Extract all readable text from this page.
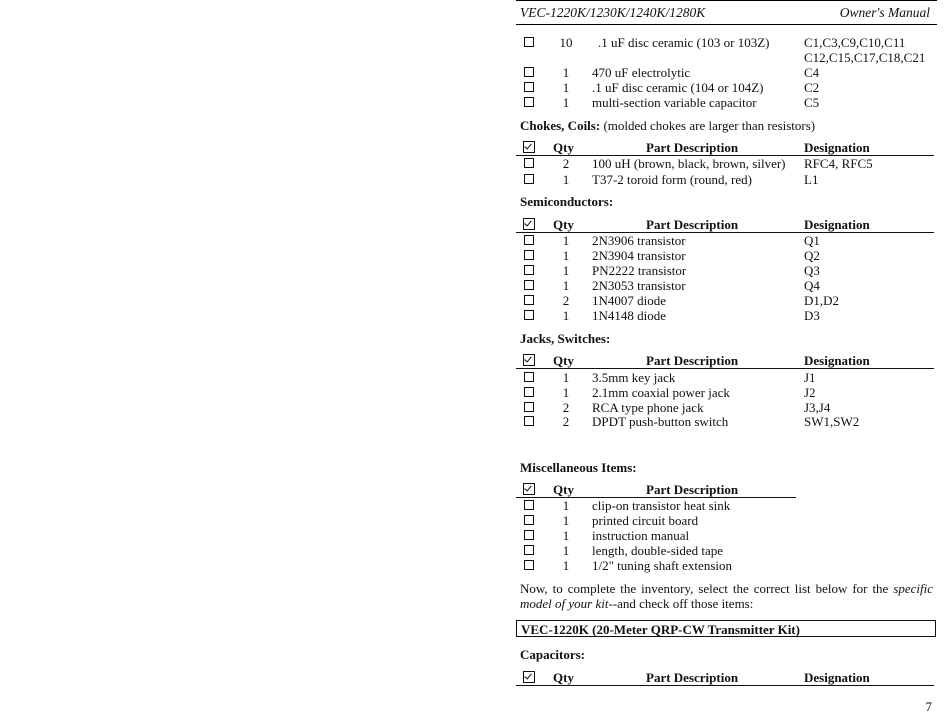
VEC-1220K/1230K/1240K/1280K	Owner's Manual
10 .1 uF disc ceramic (103 or 103Z)	C1,C3,C9,C10,C11
C12,C15,C17,C18,C21
1	470 uF electrolytic	C4
1	.1 uF disc ceramic (104 or 104Z)	C2
1	multi-section variable capacitor	C5
Chokes, Coils: (molded chokes are larger than resistors)
Qty	Part Description	Designation
2	100 uH (brown, black, brown, silver) RFC4, RFC5
1	T37-2 toroid form (round, red)	L1
Semiconductors:
Qty	Part Description	Designation
1	2N3906 transistor	Q1
1	2N3904 transistor	Q2
1	PN2222 transistor	Q3
1	2N3053 transistor	Q4
2	1N4007 diode	D1,D2
1	1N4148 diode	D3
Jacks, Switches:
Qty	Part Description	Designation
1	3.5mm key jack	J1
1	2.1mm coaxial power jack	J2
2	RCA type phone jack	J3,J4
2	DPDT push-button switch	SW1,SW2
Miscellaneous Items:
Qty	Part Description
1	clip-on transistor heat sink
1	printed circuit board
1	instruction manual
1	length, double-sided tape
1	1/2" tuning shaft extension
Now, to complete the inventory, select the correct list below for the specific model of your kit--and check off those items:
VEC-1220K (20-Meter QRP-CW Transmitter Kit)
Capacitors:
Qty	Part Description	Designation
7
